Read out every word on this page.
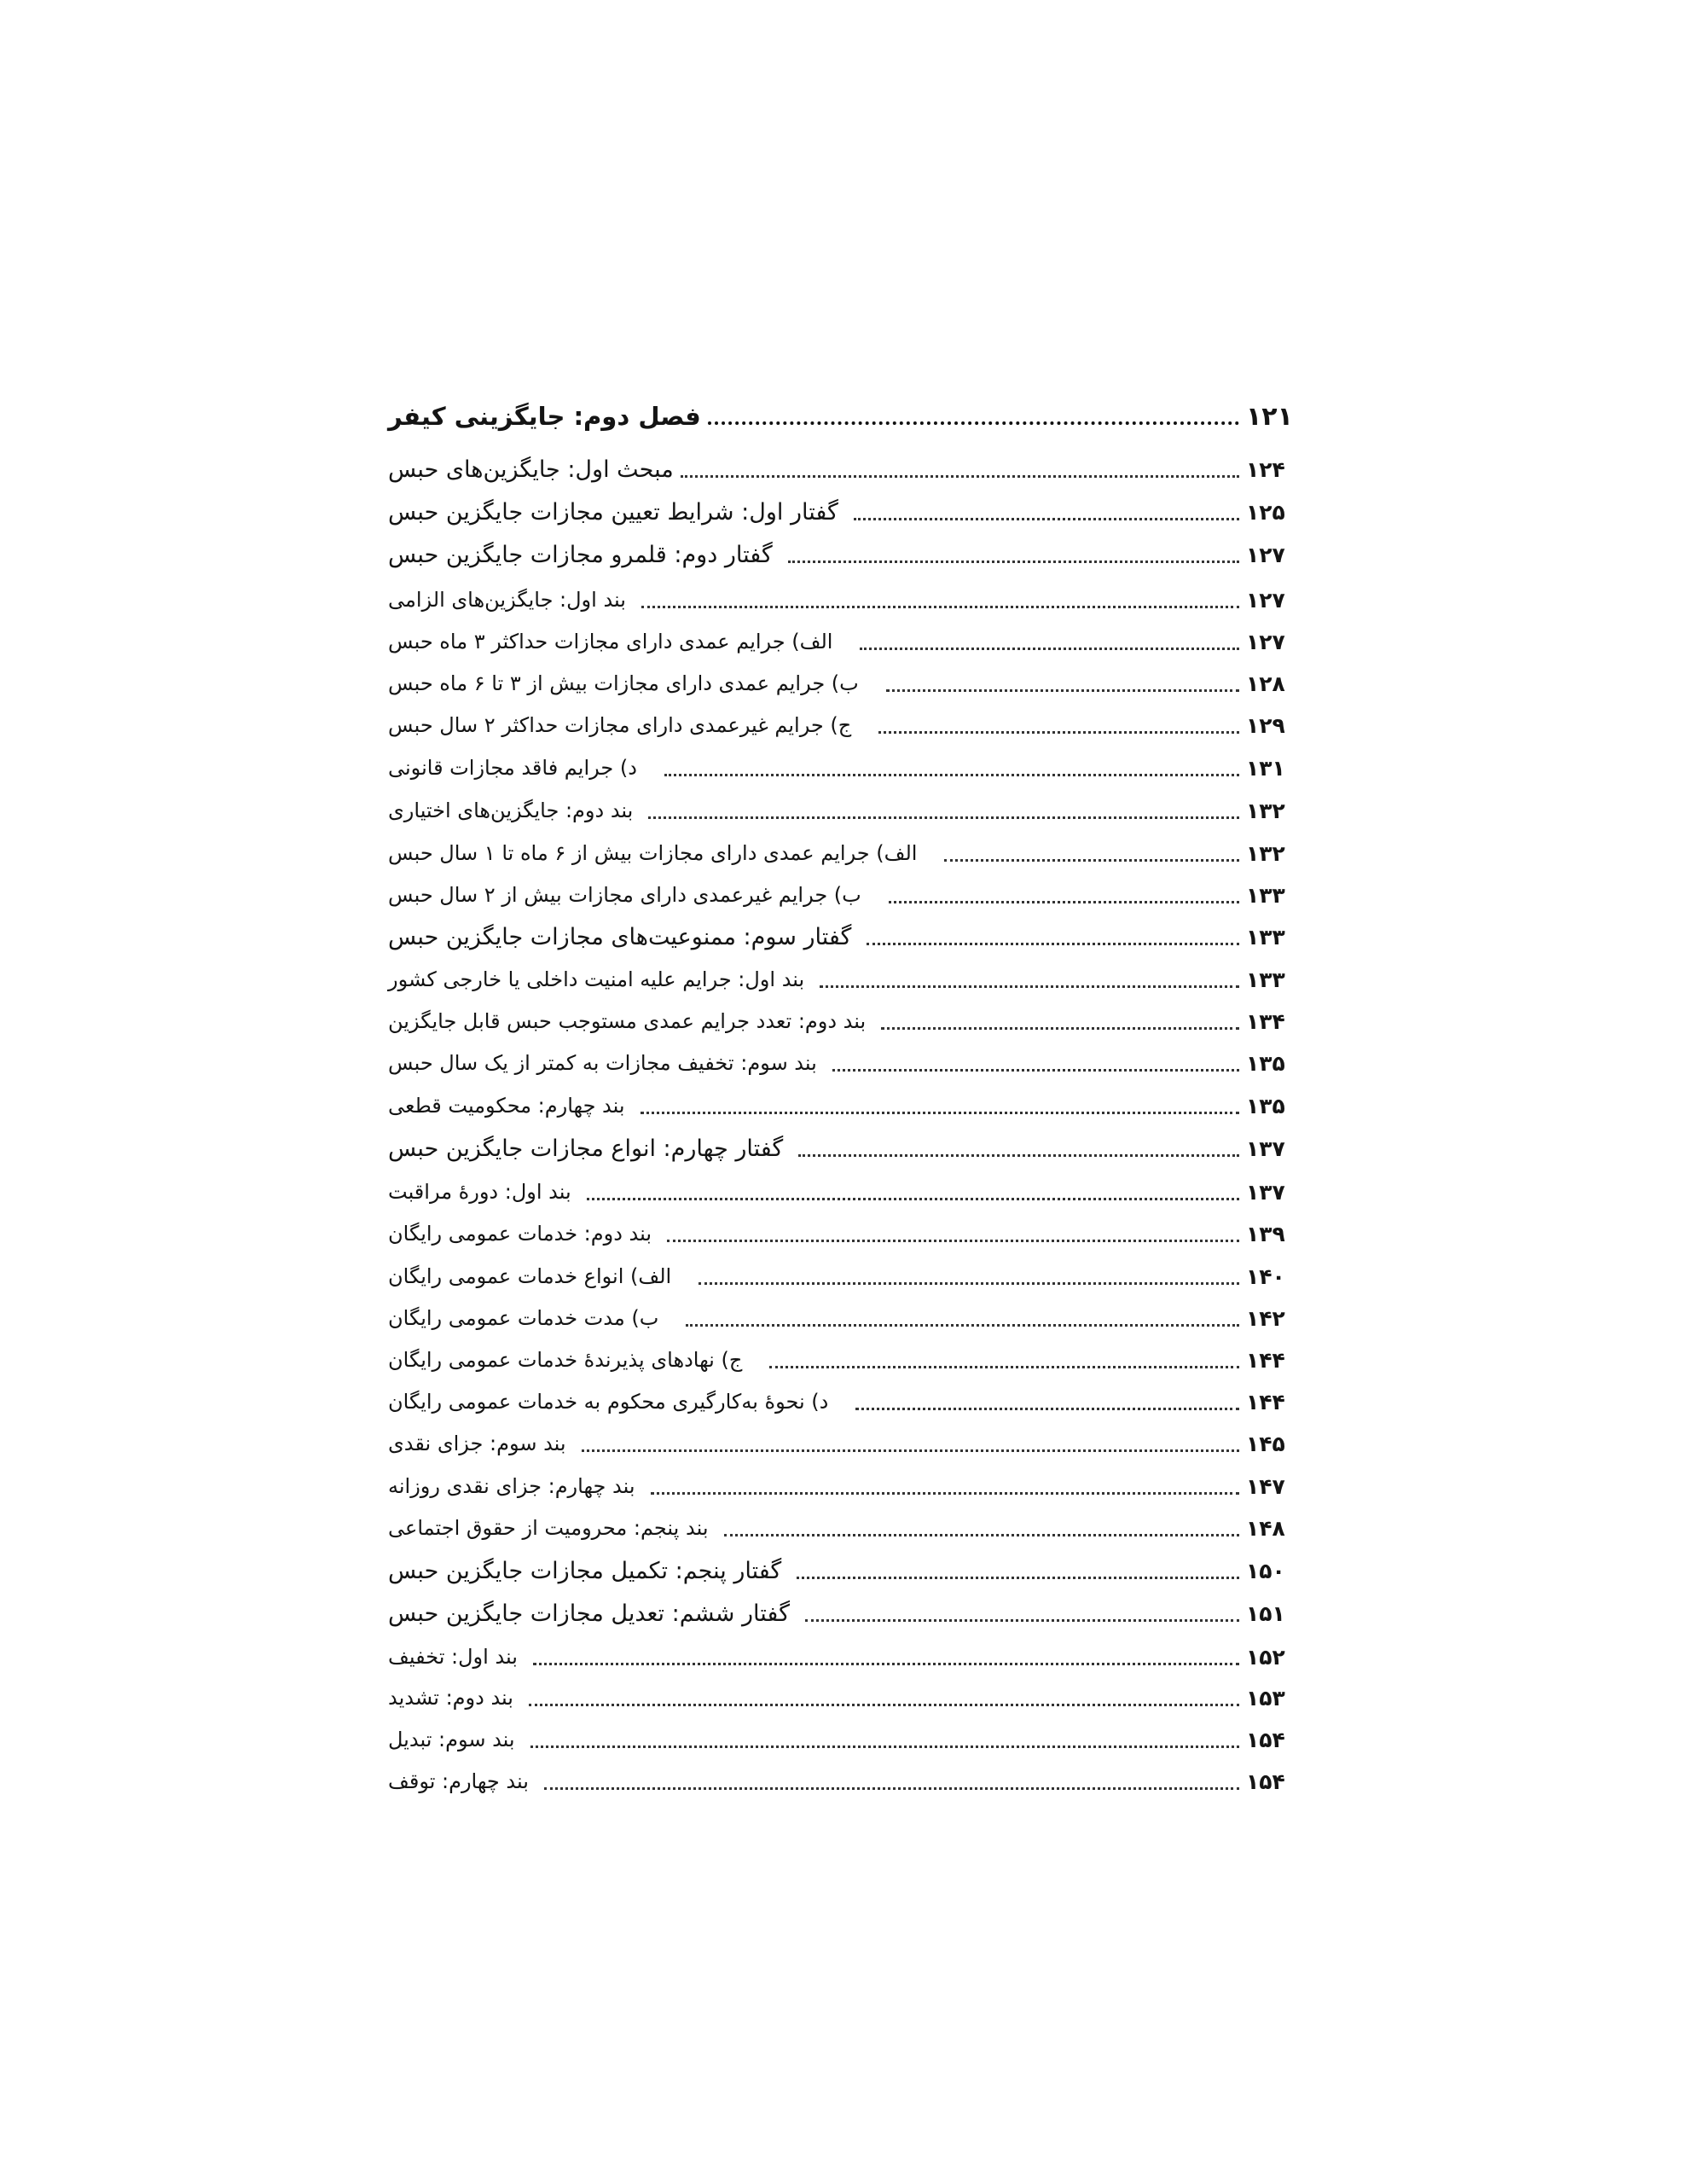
فصل دوم: جایگزینی کیفر	۱۲۱
مبحث اول: جایگزین‌های حبس	۱۲۴
گفتار اول: شرایط تعیین مجازات جایگزین حبس	۱۲۵
گفتار دوم: قلمرو مجازات جایگزین حبس	۱۲۷
بند اول: جایگزین‌های الزامی	۱۲۷
الف) جرایم عمدی دارای مجازات حداکثر ۳ ماه حبس	۱۲۷
ب) جرایم عمدی دارای مجازات بیش از ۳ تا ۶ ماه حبس	۱۲۸
ج) جرایم غیرعمدی دارای مجازات حداکثر ۲ سال حبس	۱۲۹
د) جرایم فاقد مجازات قانونی	۱۳۱
بند دوم: جایگزین‌های اختیاری	۱۳۲
الف) جرایم عمدی دارای مجازات بیش از ۶ ماه تا ۱ سال حبس	۱۳۲
ب) جرایم غیرعمدی دارای مجازات بیش از ۲ سال حبس	۱۳۳
گفتار سوم: ممنوعیت‌های مجازات جایگزین حبس	۱۳۳
بند اول: جرایم علیه امنیت داخلی یا خارجی کشور	۱۳۳
بند دوم: تعدد جرایم عمدی مستوجب حبس قابل جایگزین	۱۳۴
بند سوم: تخفیف مجازات به کمتر از یک سال حبس	۱۳۵
بند چهارم: محکومیت قطعی	۱۳۵
گفتار چهارم: انواع مجازات جایگزین حبس	۱۳۷
بند اول: دورهٔ مراقبت	۱۳۷
بند دوم: خدمات عمومی رایگان	۱۳۹
الف) انواع خدمات عمومی رایگان	۱۴۰
ب) مدت خدمات عمومی رایگان	۱۴۲
ج) نهادهای پذیرندهٔ خدمات عمومی رایگان	۱۴۴
د) نحوهٔ به‌کارگیری محکوم به خدمات عمومی رایگان	۱۴۴
بند سوم: جزای نقدی	۱۴۵
بند چهارم: جزای نقدی روزانه	۱۴۷
بند پنجم: محرومیت از حقوق اجتماعی	۱۴۸
گفتار پنجم: تکمیل مجازات جایگزین حبس	۱۵۰
گفتار ششم: تعدیل مجازات جایگزین حبس	۱۵۱
بند اول: تخفیف	۱۵۲
بند دوم: تشدید	۱۵۳
بند سوم: تبدیل	۱۵۴
بند چهارم: توقف	۱۵۴
